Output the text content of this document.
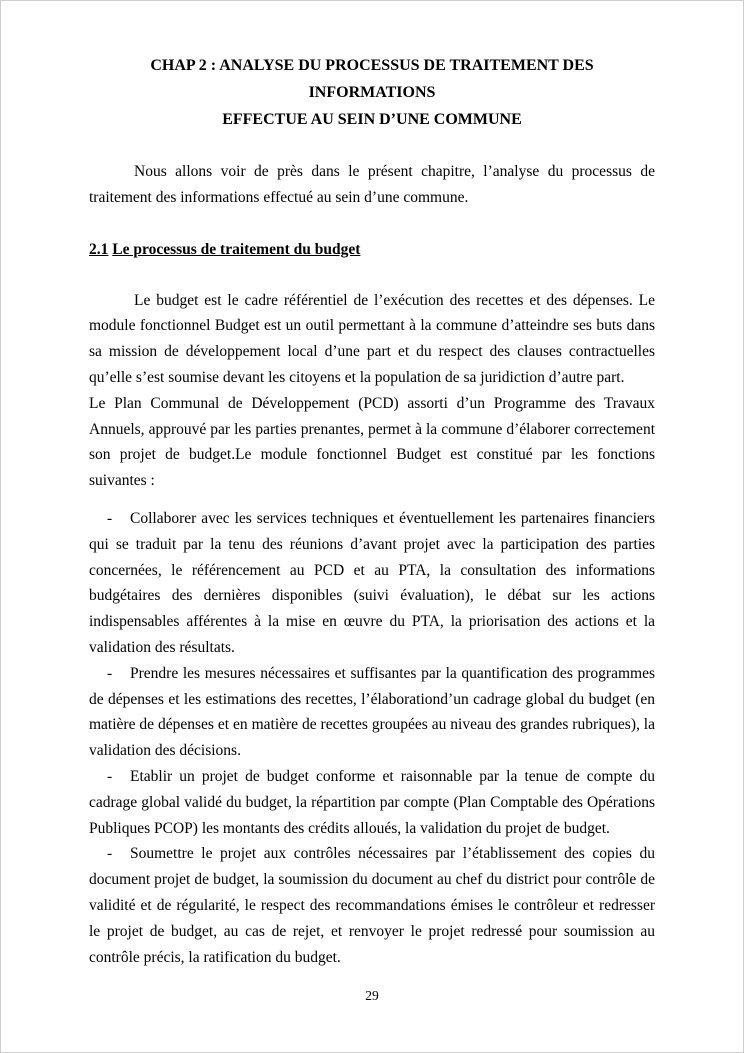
CHAP 2 : ANALYSE DU PROCESSUS DE TRAITEMENT DES INFORMATIONS
EFFECTUE AU SEIN D’UNE COMMUNE

Nous allons voir de près dans le présent chapitre, l’analyse du processus de traitement des informations effectué au sein d’une commune.

2.1 Le processus de traitement du budget

Le budget est le cadre référentiel de l’exécution des recettes et des dépenses. Le module fonctionnel Budget est un outil permettant à la commune d’atteindre ses buts dans sa mission de développement local d’une part et du respect des clauses contractuelles qu’elle s’est soumise devant les citoyens et la population de sa juridiction d’autre part.

Le Plan Communal de Développement (PCD) assorti d’un Programme des Travaux Annuels, approuvé par les parties prenantes, permet à la commune d’élaborer correctement son projet de budget.Le module fonctionnel Budget est constitué par les fonctions suivantes :

- Collaborer avec les services techniques et éventuellement les partenaires financiers qui se traduit par la tenu des réunions d’avant projet avec la participation des parties concernées, le référencement au PCD et au PTA, la consultation des informations budgétaires des dernières disponibles (suivi évaluation), le débat sur les actions indispensables afférentes à la mise en œuvre du PTA, la priorisation des actions et la validation des résultats.

- Prendre les mesures nécessaires et suffisantes par la quantification des programmes de dépenses et les estimations des recettes, l’élaborationd’un cadrage global du budget (en matière de dépenses et en matière de recettes groupées au niveau des grandes rubriques), la validation des décisions.

- Etablir un projet de budget conforme et raisonnable par la tenue de compte du cadrage global validé du budget, la répartition par compte (Plan Comptable des Opérations Publiques PCOP) les montants des crédits alloués, la validation du projet de budget.

- Soumettre le projet aux contrôles nécessaires par l’établissement des copies du document projet de budget, la soumission du document au chef du district pour contrôle de validité et de régularité, le respect des recommandations émises le contrôleur et redresser le projet de budget, au cas de rejet, et renvoyer le projet redressé pour soumission au contrôle précis, la ratification du budget.

29
